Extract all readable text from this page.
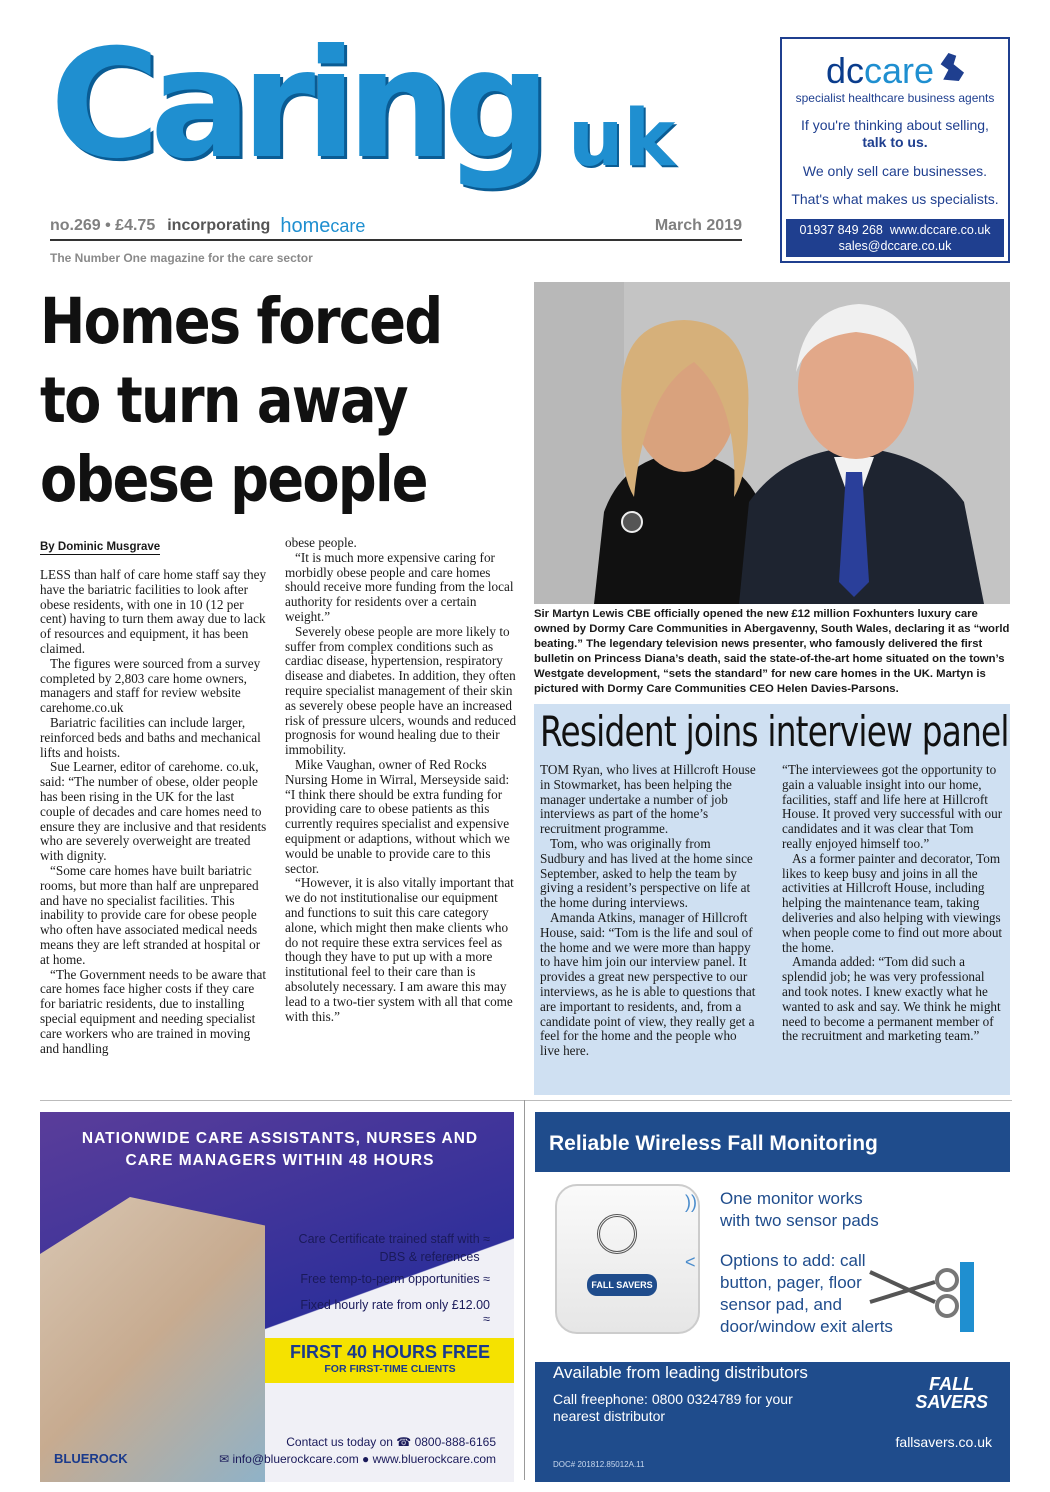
Caring uk
no.269 • £4.75 incorporating homecare	March 2019
The Number One magazine for the care sector
dccare
specialist healthcare business agents
If you're thinking about selling,
talk to us.
We only sell care businesses.
That's what makes us specialists.
01937 849 268 www.dccare.co.uk
sales@dccare.co.uk
Homes forced
to turn away
obese people
By Dominic Musgrave

LESS than half of care home staff say they have the bariatric facilities to look after obese residents, with one in 10 (12 per cent) having to turn them away due to lack of resources and equipment, it has been claimed.

The figures were sourced from a survey completed by 2,803 care home owners, managers and staff for review website carehome.co.uk

Bariatric facilities can include larger, reinforced beds and baths and mechanical lifts and hoists.

Sue Learner, editor of carehome. co.uk, said: “The number of obese, older people has been rising in the UK for the last couple of decades and care homes need to ensure they are inclusive and that residents who are severely overweight are treated with dignity.

“Some care homes have built bariatric rooms, but more than half are unprepared and have no specialist facilities. This inability to provide care for obese people who often have associated medical needs means they are left stranded at hospital or at home.

“The Government needs to be aware that care homes face higher costs if they care for bariatric residents, due to installing special equipment and needing specialist care workers who are trained in moving and handling

obese people.

“It is much more expensive caring for morbidly obese people and care homes should receive more funding from the local authority for residents over a certain weight.”

Severely obese people are more likely to suffer from complex conditions such as cardiac disease, hypertension, respiratory disease and diabetes. In addition, they often require specialist management of their skin as severely obese people have an increased risk of pressure ulcers, wounds and reduced prognosis for wound healing due to their immobility.

Mike Vaughan, owner of Red Rocks Nursing Home in Wirral, Merseyside said: “I think there should be extra funding for providing care to obese patients as this currently requires specialist and expensive equipment or adaptions, without which we would be unable to provide care to this sector.

“However, it is also vitally important that we do not institutionalise our equipment and functions to suit this care category alone, which might then make clients who do not require these extra services feel as though they have to put up with a more institutional feel to their care than is absolutely necessary. I am aware this may lead to a two-tier system with all that come with this.”

Sir Martyn Lewis CBE officially opened the new £12 million Foxhunters luxury care owned by Dormy Care Communities in Abergavenny, South Wales, declaring it as “world beating.” The legendary television news presenter, who famously delivered the first bulletin on Princess Diana’s death, said the state-of-the-art home situated on the town’s Westgate development, “sets the standard” for new care homes in the UK. Martyn is pictured with Dormy Care Communities CEO Helen Davies-Parsons.
Resident joins interview panel

TOM Ryan, who lives at Hillcroft House in Stowmarket, has been helping the manager undertake a number of job interviews as part of the home’s recruitment programme.

Tom, who was originally from Sudbury and has lived at the home since September, asked to help the team by giving a resident’s perspective on life at the home during interviews.

Amanda Atkins, manager of Hillcroft House, said: “Tom is the life and soul of the home and we were more than happy to have him join our interview panel. It provides a great new perspective to our interviews, as he is able to questions that are important to residents, and, from a candidate point of view, they really get a feel for the home and the people who live here.

“The interviewees got the opportunity to gain a valuable insight into our home, facilities, staff and life here at Hillcroft House. It proved very successful with our candidates and it was clear that Tom really enjoyed himself too.”

As a former painter and decorator, Tom likes to keep busy and joins in all the activities at Hillcroft House, including helping the maintenance team, taking deliveries and also helping with viewings when people come to find out more about the home.

Amanda added: “Tom did such a splendid job; he was very professional and took notes. I knew exactly what he wanted to ask and say. We think he might need to become a permanent member of the recruitment and marketing team.”

NATIONWIDE CARE ASSISTANTS, NURSES AND
CARE MANAGERS WITHIN 48 HOURS
Care Certificate trained staff with ≈
DBS & references
Free temp-to-perm opportunities ≈
Fixed hourly rate from only £12.00 ≈
FIRST 40 HOURS FREE
FOR FIRST-TIME CLIENTS
Contact us today on ☎ 0800-888-6165
✉ info@bluerockcare.com ● www.bluerockcare.com
BLUEROCK
Reliable Wireless Fall Monitoring
FALL SAVERS
))
<
One monitor works
with two sensor pads
Options to add: call
button, pager, floor
sensor pad, and
door/window exit alerts
Available from leading distributors
Call freephone: 0800 0324789 for your
nearest distributor
DOC# 201812.85012A.11
FALL
SAVERS
fallsavers.co.uk
